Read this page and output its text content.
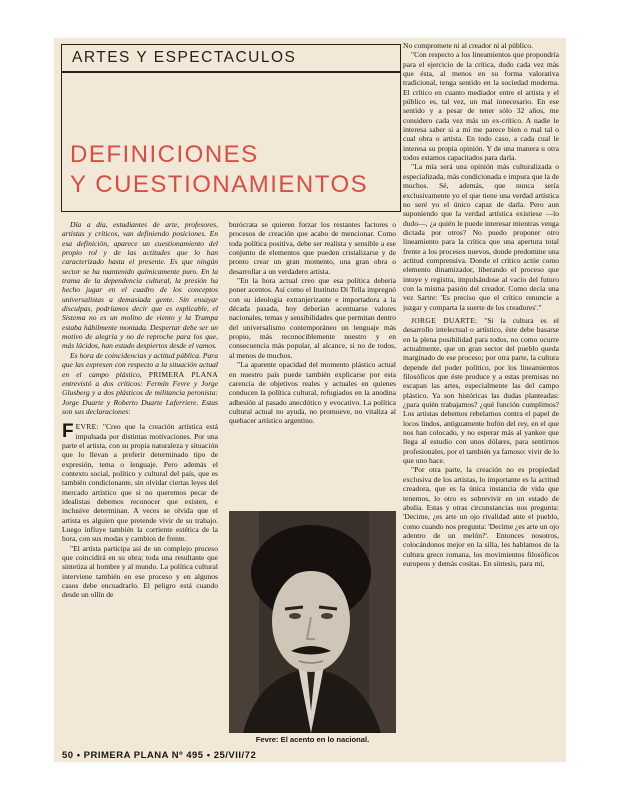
ARTES Y ESPECTACULOS
DEFINICIONES
Y CUESTIONAMIENTOS

Día a día, estudiantes de arte, profesores, artistas y críticos, van definiendo posiciones. En esa definición, aparece un cuestionamiento del propio rol y de las actitudes que lo han caracterizado hasta el presente. Es que ningún sector se ha mantenido químicamente puro. En la trama de la dependencia cultural, la presión ha hecho jugar en el cuadro de los conceptos universalistas a demasiada gente. Sin ensayar disculpas, podríamos decir que es explicable, el Sistema no es un molino de viento y la Trampa estaba hábilmente montada. Despertar debe ser un motivo de alegría y no de reproche para los que, más lúcidos, han estado despiertos desde el vamos.

Es hora de coincidencias y actitud pública. Para que las expresen con respecto a la situación actual en el campo plástico, PRIMERA PLANA entrevistó a dos críticos: Fermín Fevre y Jorge Glusberg y a dos plásticos de militancia peronista: Jorge Duarte y Roberto Duarte Laferriere. Estas son sus declaraciones:

FEVRE: "Creo que la creación artística está impulsada por distintas motivaciones. Por una parte el artista, con su propia naturaleza y situación que lo llevan a preferir determinado tipo de expresión, tema o lenguaje. Pero además el contexto social, político y cultural del país, que es también condicionante, sin olvidar ciertas leyes del mercado artístico que si no queremos pecar de idealistas debemos reconocer que existen, e inclusive determinan. A veces se olvida que el artista es alguien que pretende vivir de su trabajo. Luego influye también la corriente estética de la hora, con sus modas y cambios de frente.

"El artista participa así de un complejo proceso que coincidirá en su obra; toda una resultante que sintetiza al hombre y al mundo. La política cultural interviene también en ese proceso y en algunos casos debe encuadrarlo. El peligro está cuando desde un ollín de

burócrata se quieren forzar los restantes factores o procesos de creación que acabo de mencionar. Como toda política positiva, debe ser realista y sensible a ese conjunto de elementos que pueden cristalizarse y de pronto crear un gran momento, una gran obra o desarrollar a un verdadero artista.

"En la hora actual creo que esa política debería poner acentos. Así como el Instituto Di Tella impregnó con su ideología extranjerizante e importadora a la década pasada, hoy deberían acentuarse valores nacionales, temas y sensibilidades que permitan dentro del universalismo contemporáneo un lenguaje más propio, más reconociblemente nuestro y en consecuencia más popular, al alcance, si no de todos, al menos de muchos.

"La aparente opacidad del momento plástico actual en nuestro país puede también explicarse por esta carencia de objetivos reales y actuales en quienes conducen la política cultural, refugiados en la anodina adhesión al pasado anecdótico y evocativo. La política cultural actual no ayuda, no promueve, no vitaliza al quehacer artístico argentino.

Fevre: El acento en lo nacional.

No compromete ni al creador ni al público.

"Con respecto a los lineamientos que propondría para el ejercicio de la crítica, dudo cada vez más que ésta, al menos en su forma valorativa tradicional, tenga sentido en la sociedad moderna. El crítico en cuanto mediador entre el artista y el público es, tal vez, un mal innecesario. En ese sentido y a pesar de tener sólo 32 años, me considero cada vez más un ex-crítico. A nadie le interesa saber si a mí me parece bien o mal tal o cual obra o artista. En todo caso, a cada cual le interesa su propia opinión. Y de una manera u otra todos estamos capacitados para darla.

"La mía será una opinión más culturalizada o especializada, más condicionada e impura que la de muchos. Sé, además, que nunca sería exclusivamente yo el que tiene una verdad artística no seré yo el único capaz de darla. Pero aun suponiendo que la verdad artística existiese —lo dudo—, ¿a quién le puede interesar mientras venga dictada por otros? No puedo proponer otro lineamiento para la crítica que una apertura total frente a los procesos nuevos, donde predomine una actitud comprensiva. Donde el crítico actúe como elemento dinamizador, liberando el proceso que intuye y registra, impulsándose al vacío del futuro con la misma pasión del creador. Como decía una vez Sartre: 'Es preciso que el crítico renuncie a juzgar y comparta la suerte de los creadores'."

JORGE DUARTE: "Si la cultura es el desarrollo intelectual o artístico, éste debe basarse en la plena posibilidad para todos, no como ocurre actualmente, que un gran sector del pueblo queda marginado de ese proceso; por otra parte, la cultura depende del poder político, por los lineamientos filosóficos que éste produce y a estas premisas no escapan las artes, especialmente las del campo plástico. Ya son históricas las dudas planteadas: ¿para quién trabajamos? ¿qué función cumplimos? Los artistas debemos rebelarnos contra el papel de locos lindos, antiguamente bufón del rey, en el que nos han colocado, y no esperar más al yankee que llega al estudio con unos dólares, para sentirnos profesionales, por el también ya famoso: vivir de lo que uno hace.

"Por otra parte, la creación no es propiedad exclusiva de los artistas, lo importante es la actitud creadora, que es la única instancia de vida que tenemos, lo otro es sobrevivir en un estado de abulia. Estas y otras circunstancias nos pregunta: 'Decime, ¿es arte un ojo rivalidad ante el pueblo, como cuando nos pregunta: 'Decime ¿es arte un ojo adentro de un melón?'. Entonces nosotros, colocándonos mejor en la silla, les hablamos de la cultura greco romana, los movimientos filosóficos europeos y demás cositas. En síntesis, para mí,

50 • PRIMERA PLANA Nº 495 • 25/VII/72
